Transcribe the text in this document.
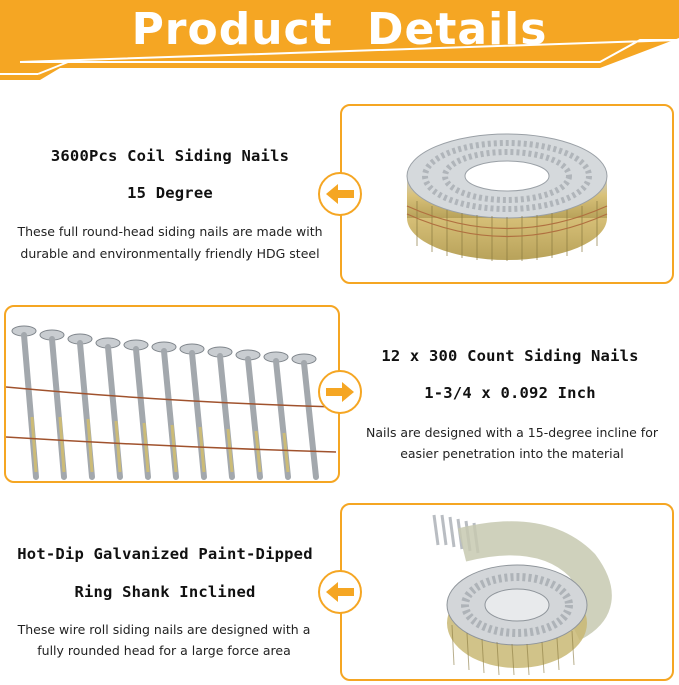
Product Details
3600Pcs Coil Siding Nails
15 Degree
These full round-head siding nails are made with
durable and environmentally friendly HDG steel
12 x 300 Count Siding Nails
1-3/4 x 0.092 Inch
Nails are designed with a 15-degree incline for
easier penetration into the material
Hot-Dip Galvanized Paint-Dipped
Ring Shank Inclined
These wire roll siding nails are designed with a
fully rounded head for a large force area
